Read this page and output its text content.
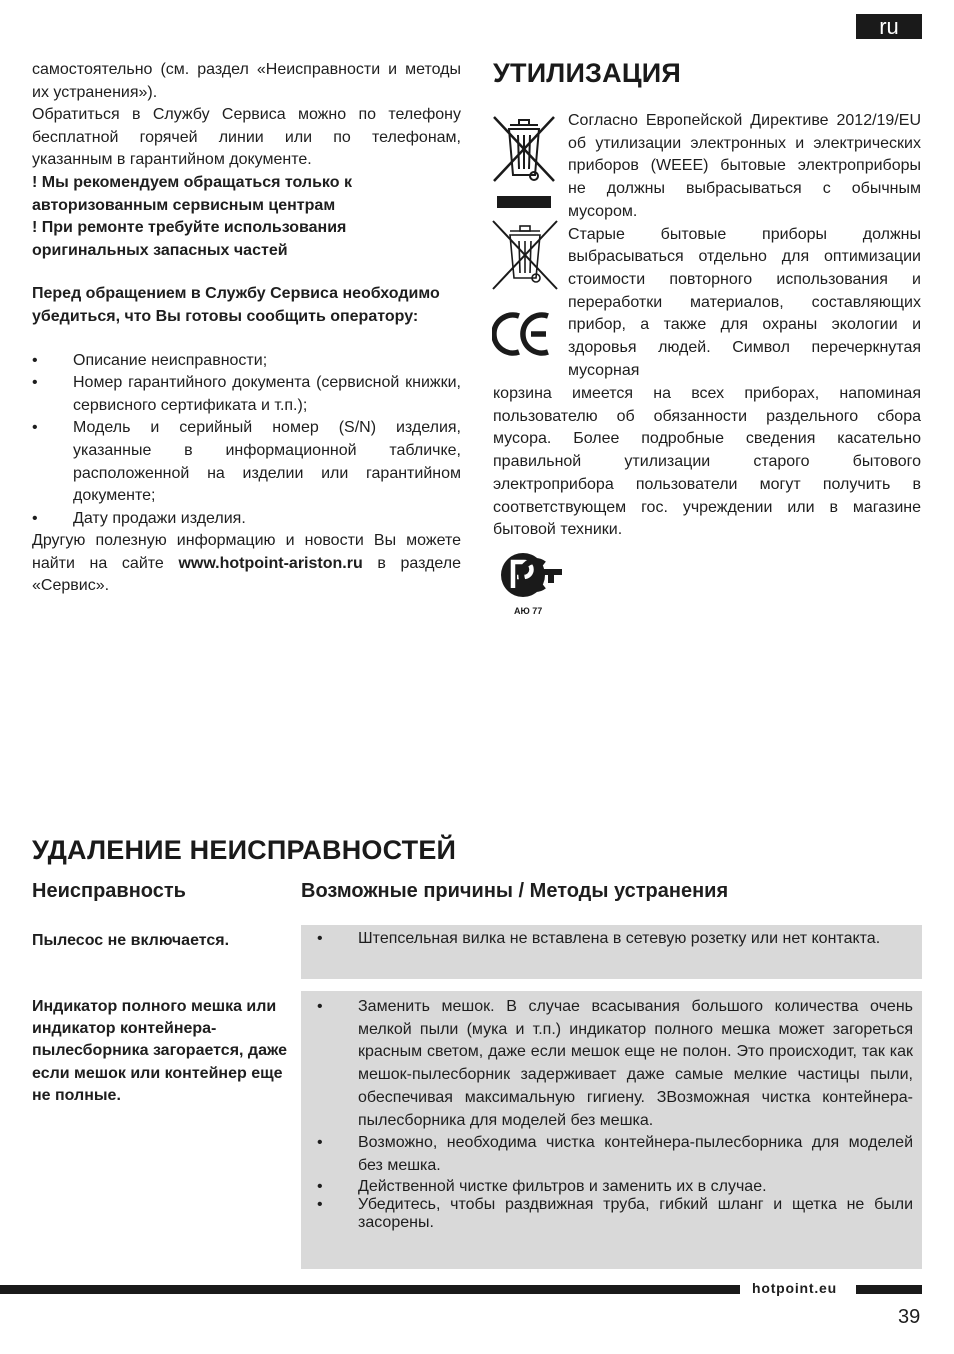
ru

самостоятельно (см. раздел «Неисправности и методы их устранения»).

Обратиться в Службу Сервиса можно по телефону бесплатной горячей линии или по телефонам, указанным в гарантийном документе.

! Мы рекомендуем обращаться только к авторизованным сервисным центрам

! При ремонте требуйте использования оригинальных запасных частей

Перед обращением в Службу Сервиса необходимо убедиться, что Вы готовы сообщить оператору:

• Описание неисправности;
• Номер гарантийного документа (сервисной книжки, сервисного сертификата и т.п.);
• Модель и серийный номер (S/N) изделия, указанные в информационной табличке, расположенной на изделии или гарантийном документе;
• Дату продажи изделия.

Другую полезную информацию и новости Вы можете найти на сайте www.hotpoint-ariston.ru в разделе «Сервис».

УТИЛИЗАЦИЯ
Согласно Европейской Директиве 2012/19/EU об утилизации электронных и электрических приборов (WEEE) бытовые электроприборы не должны выбрасываться с обычным мусором.
Старые бытовые приборы должны выбрасываться отдельно для оптимизации стоимости повторного использования и переработки материалов, составляющих прибор, а также для охраны экологии и здоровья людей. Символ перечеркнутая мусорная
корзина имеется на всех приборах, напоминая пользователю об обязанности раздельного сбора мусора. Более подробные сведения касательно правильной утилизации старого бытового электроприбора пользователи могут получить в соответствующем гос. учреждении или в магазине бытовой техники.
АЮ 77
УДАЛЕНИЕ НЕИСПРАВНОСТЕЙ
Неисправность	Возможные причины / Методы устранения
Пылесос не включается.
•	Штепсельная вилка не вставлена в сетевую розетку или нет контакта.
Индикатор полного мешка или индикатор контейнера-пылесборника загорается, даже если мешок или контейнер еще не полные.
• Заменить мешок. В случае всасывания большого количества очень мелкой пыли (мука и т.п.) индикатор полного мешка может загореться красным светом, даже если мешок еще не полон. Это происходит, так как мешок-пылесборник задерживает даже самые мелкие частицы пыли, обеспечивая максимальную гигиену. ЗВозможная чистка контейнера-пылесборника для моделей без мешка.
• Возможно, необходима чистка контейнера-пылесборника для моделей без мешка.
• Действенной чистке фильтров и заменить их в случае.
• Убедитесь, чтобы раздвижная труба, гибкий шланг и щетка не были засорены.
hotpoint.eu
39
